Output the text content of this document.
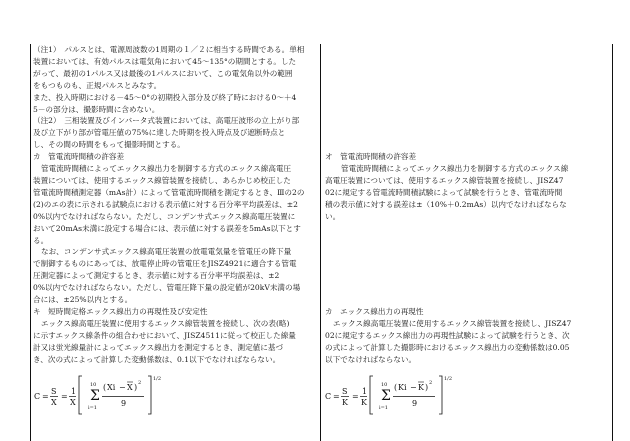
（注1）　パルスとは、電源周波数の1周期の１／２に相当する時間である。単相

装置においては、有効パルスは電気角において45～135°の期間とする。した

がって、最初の1パルス又は最後の1パルスにおいて、この電気角以外の範囲

をもつものも、正規パルスとみなす。

また、投入時期における－45～0°の初期投入部分及び終了時における0～＋4

5－の部分は、撮影時間に含めない。

（注2）　三相装置及びインバータ式装置においては、高電圧波形の立上がり部

及び立下がり部が管電圧値の75%に達した時期を投入時点及び遮断時点と

し、その間の時間をもって撮影時間とする。

カ　管電流時間積の許容差

管電流時間積によってエックス線出力を制御する方式のエックス線高電圧

装置については、使用するエックス線管装置を接続し、あらかじめ校正した

管電流時間積測定器（mAs計）によって管電流時間積を測定するとき、Ⅲの2の

(2)のエの表に示される試験点における表示値に対する百分率平均誤差は、±2

0%以内でなければならない。ただし、コンデンサ式エックス線高電圧装置に

おいて20mAs未満に設定する場合には、表示値に対する誤差を5mAs以下とす

る。

なお、コンデンサ式エックス線高電圧装置の放電電気量を管電圧の降下量

で制御するものにあっては、放電停止時の管電圧をJISZ4921に適合する管電

圧測定器によって測定するとき、表示値に対する百分率平均誤差は、±2

0%以内でなければならない。ただし、管電圧降下量の設定値が20kV未満の場

合には、±25%以内とする。

キ　短時間定格エックス線出力の再現性及び安定性

エックス線高電圧装置に使用するエックス線管装置を接続し、次の表(略)

に示すエックス線条件の組合わせにおいて、JISZ4511に従って校正した線量

計又は蛍光線量計によってエックス線出力を測定するとき、測定値に基づ

き、次の式によって計算した変動係数は、0.1以下でなければならない。

オ　管電流時間積の許容差

管電流時間積によってエックス線出力を制御する方式のエックス線

高電圧装置については、使用するエックス線管装置を接続し、JISZ47

02に規定する管電流時間積試験によって試験を行うとき、管電流時間

積の表示値に対する誤差は±（10%＋0.2mAs）以内でなければならな

い。

カ　エックス線出力の再現性

エックス線高電圧装置に使用するエックス線管装置を接続し、JISZ47

02に規定するエックス線出力の再現性試験によって試験を行うとき、次

の式によって計算した撮影時におけるエックス線出力の変動係数は0.05

以下でなければならない。

C =
S
X
=
1
X Σ
10
i=1
( Xi − X ) 2
9
1/2
C =
S
K
=
1
K Σ
10
i=1
( Ki − K ) 2
9
1/2
